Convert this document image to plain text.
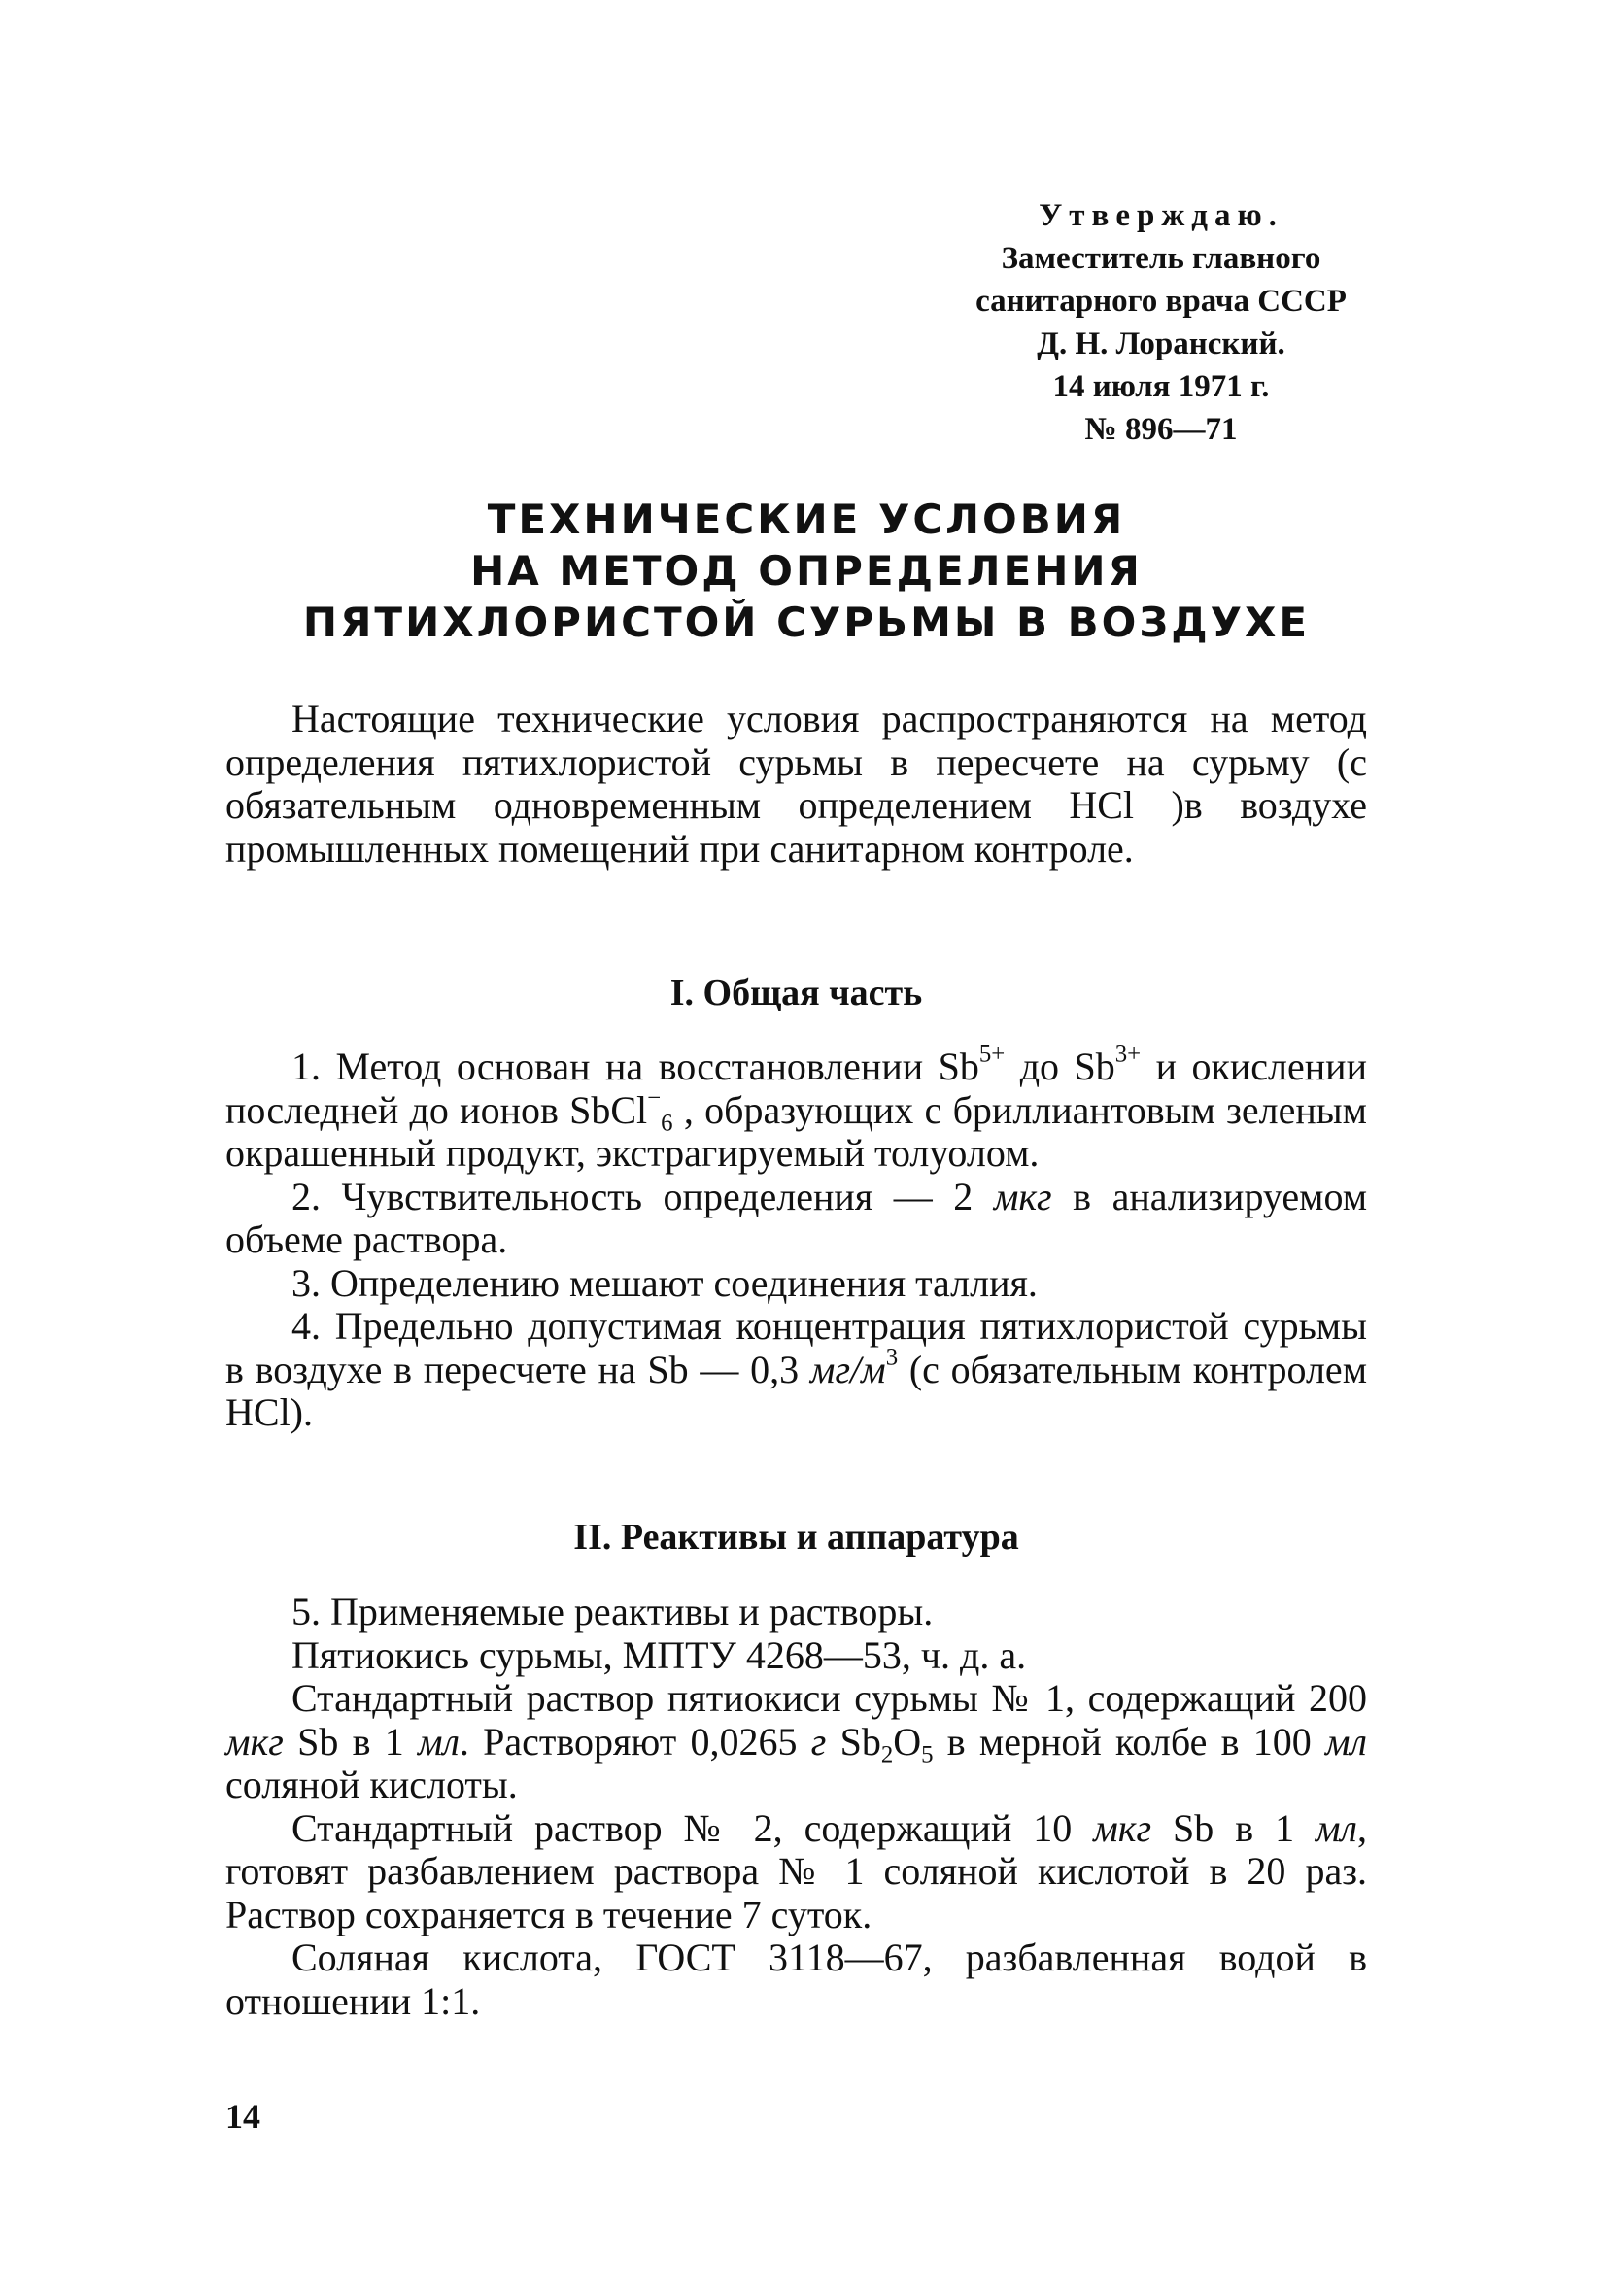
Утверждаю.
Заместитель главного
санитарного врача СССР
Д. Н. Лоранский.
14 июля 1971 г.
№ 896—71
ТЕХНИЧЕСКИЕ УСЛОВИЯ
НА МЕТОД ОПРЕДЕЛЕНИЯ
ПЯТИХЛОРИСТОЙ СУРЬМЫ В ВОЗДУХЕ

Настоящие технические условия распространяются на метод определения пятихлористой сурьмы в пересчете на сурьму (с обязательным одновременным определением HCl )в воздухе промышленных помещений при санитарном контроле.

I. Общая часть

1. Метод основан на восстановлении $Sb^{5+}$ до $Sb^{3+}$ и окислении последней до ионов SbCl−$_6$ , образующих с бриллиантовым зеленым окрашенный продукт, экстрагируемый толуолом.

2. Чувствительность определения — 2 мкг в анализируемом объеме раствора.

3. Определению мешают соединения таллия.

4. Предельно допустимая концентрация пятихлористой сурьмы в воздухе в пересчете на Sb — 0,3 $мг/м^3$ (с обязательным контролем HCl).

II. Реактивы и аппаратура

5. Применяемые реактивы и растворы.

Пятиокись сурьмы, МПТУ 4268—53, ч. д. а.

Стандартный раствор пятиокиси сурьмы № 1, содержащий 200 мкг Sb в 1 мл. Растворяют 0,0265 г $Sb_2O_5$ в мерной колбе в 100 мл соляной кислоты.

Стандартный раствор № 2, содержащий 10 мкг Sb в 1 мл, готовят разбавлением раствора № 1 соляной кислотой в 20 раз. Раствор сохраняется в течение 7 суток.

Соляная кислота, ГОСТ 3118—67, разбавленная водой в отношении 1:1.

14
